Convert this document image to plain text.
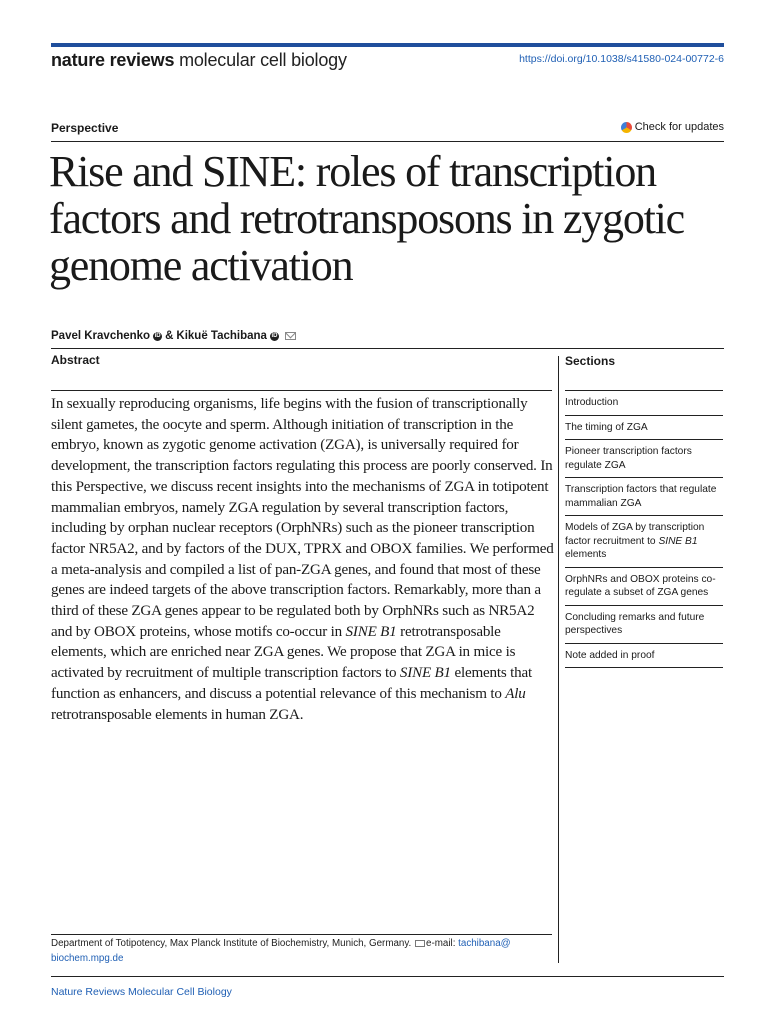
nature reviews molecular cell biology	https://doi.org/10.1038/s41580-024-00772-6
Perspective	Check for updates
Rise and SINE: roles of transcription factors and retrotransposons in zygotic genome activation
Pavel Kravchenko iD & Kikuë Tachibana iD
Abstract

In sexually reproducing organisms, life begins with the fusion of transcriptionally silent gametes, the oocyte and sperm. Although initiation of transcription in the embryo, known as zygotic genome activation (ZGA), is universally required for development, the transcription factors regulating this process are poorly conserved. In this Perspective, we discuss recent insights into the mechanisms of ZGA in totipotent mammalian embryos, namely ZGA regulation by several transcription factors, including by orphan nuclear receptors (OrphNRs) such as the pioneer transcription factor NR5A2, and by factors of the DUX, TPRX and OBOX families. We performed a meta-analysis and compiled a list of pan-ZGA genes, and found that most of these genes are indeed targets of the above transcription factors. Remarkably, more than a third of these ZGA genes appear to be regulated both by OrphNRs such as NR5A2 and by OBOX proteins, whose motifs co-occur in SINE B1 retrotransposable elements, which are enriched near ZGA genes. We propose that ZGA in mice is activated by recruitment of multiple transcription factors to SINE B1 elements that function as enhancers, and discuss a potential relevance of this mechanism to Alu retrotransposable elements in human ZGA.

Sections
Introduction
The timing of ZGA
Pioneer transcription factors regulate ZGA
Transcription factors that regulate mammalian ZGA
Models of ZGA by transcription factor recruitment to SINE B1 elements
OrphNRs and OBOX proteins co-regulate a subset of ZGA genes
Concluding remarks and future perspectives
Note added in proof

Department of Totipotency, Max Planck Institute of Biochemistry, Munich, Germany. e-mail: tachibana@
biochem.mpg.de

Nature Reviews Molecular Cell Biology
